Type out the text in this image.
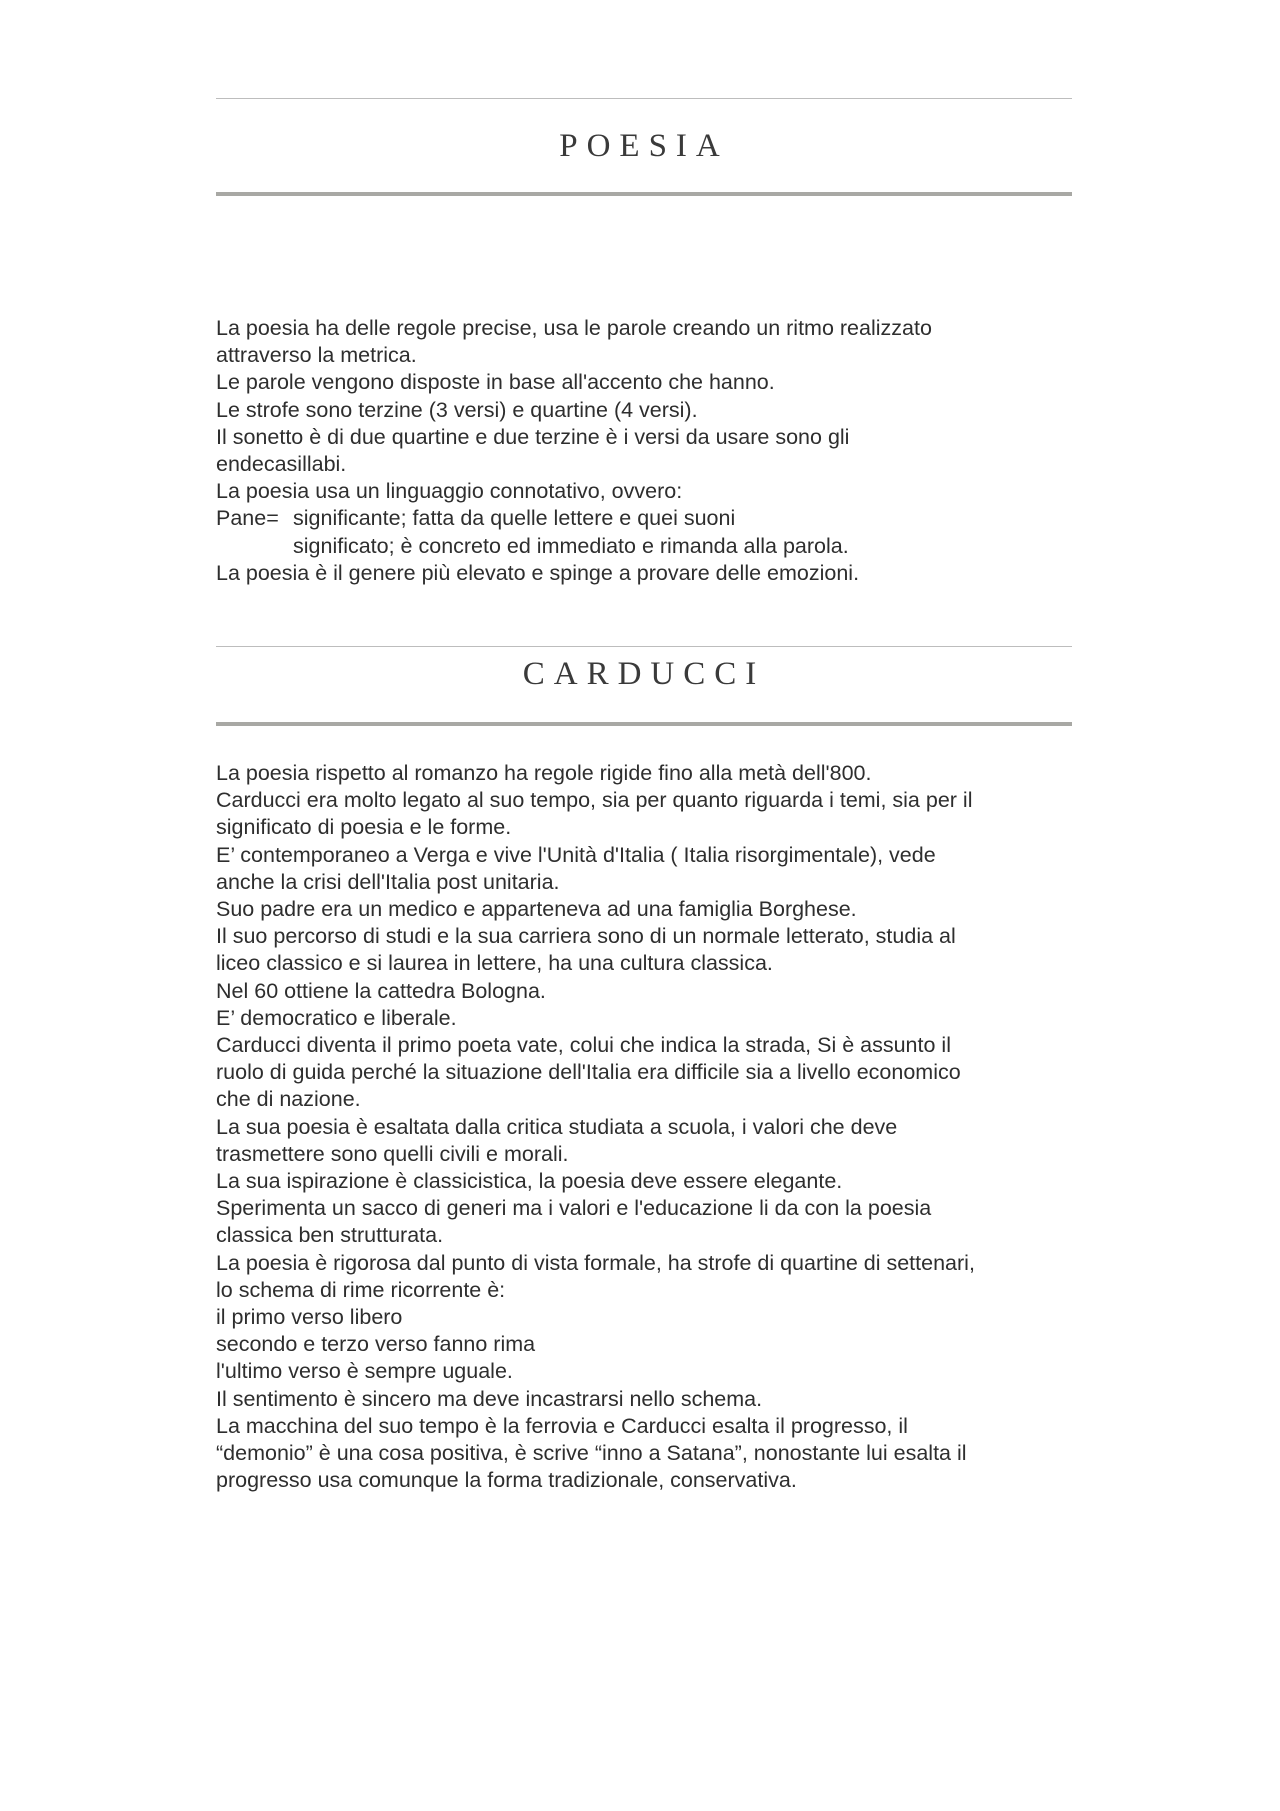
POESIA
La poesia ha delle regole precise, usa le parole creando un ritmo realizzato
attraverso la metrica.
Le parole vengono disposte in base all'accento che hanno.
Le strofe sono terzine (3 versi) e quartine (4 versi).
Il sonetto è di due quartine e due terzine è i versi da usare sono gli
endecasillabi.
La poesia usa un linguaggio connotativo, ovvero:
Pane= significante; fatta da quelle lettere e quei suoni
significato; è concreto ed immediato e rimanda alla parola.
La poesia è il genere più elevato e spinge a provare delle emozioni.
CARDUCCI
La poesia rispetto al romanzo ha regole rigide fino alla metà dell'800.
Carducci era molto legato al suo tempo, sia per quanto riguarda i temi, sia per il
significato di poesia e le forme.
E’ contemporaneo a Verga e vive l'Unità d'Italia ( Italia risorgimentale), vede
anche la crisi dell'Italia post unitaria.
Suo padre era un medico e apparteneva ad una famiglia Borghese.
Il suo percorso di studi e la sua carriera sono di un normale letterato, studia al
liceo classico e si laurea in lettere, ha una cultura classica.
Nel 60 ottiene la cattedra Bologna.
E’ democratico e liberale.
Carducci diventa il primo poeta vate, colui che indica la strada, Si è assunto il
ruolo di guida perché la situazione dell'Italia era difficile sia a livello economico
che di nazione.
La sua poesia è esaltata dalla critica studiata a scuola, i valori che deve
trasmettere sono quelli civili e morali.
La sua ispirazione è classicistica, la poesia deve essere elegante.
Sperimenta un sacco di generi ma i valori e l'educazione li da con la poesia
classica ben strutturata.
La poesia è rigorosa dal punto di vista formale, ha strofe di quartine di settenari,
lo schema di rime ricorrente è:
il primo verso libero
secondo e terzo verso fanno rima
l'ultimo verso è sempre uguale.
Il sentimento è sincero ma deve incastrarsi nello schema.
La macchina del suo tempo è la ferrovia e Carducci esalta il progresso, il
“demonio” è una cosa positiva, è scrive “inno a Satana”, nonostante lui esalta il
progresso usa comunque la forma tradizionale, conservativa.
